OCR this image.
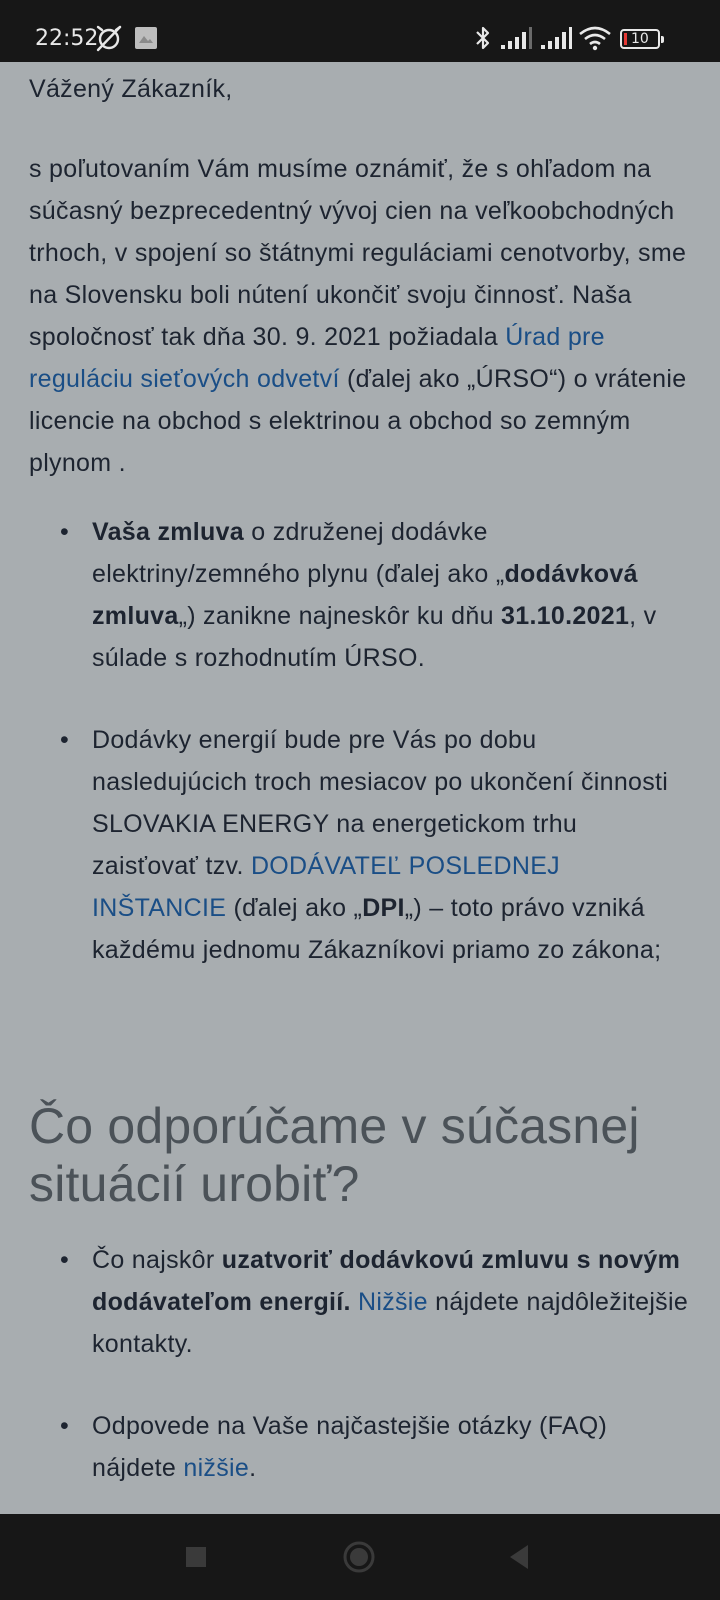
22:52	10

Vážený Zákazník,

s poľutovaním Vám musíme oznámiť, že s ohľadom na súčasný bezprecedentný vývoj cien na veľkoobchodných trhoch, v spojení so štátnymi reguláciami cenotvorby, sme na Slovensku boli nútení ukončiť svoju činnosť. Naša spoločnosť tak dňa 30. 9. 2021 požiadala Úrad pre reguláciu sieťových odvetví (ďalej ako „ÚRSO“) o vrátenie licencie na obchod s elektrinou a obchod so zemným plynom .

• Vaša zmluva o združenej dodávke elektriny/zemného plynu (ďalej ako „dodávková zmluva„) zanikne najneskôr ku dňu 31.10.2021, v súlade s rozhodnutím ÚRSO.
• Dodávky energií bude pre Vás po dobu nasledujúcich troch mesiacov po ukončení činnosti SLOVAKIA ENERGY na energetickom trhu zaisťovať tzv. DODÁVATEĽ POSLEDNEJ INŠTANCIE (ďalej ako „DPI„) – toto právo vzniká každému jednomu Zákazníkovi priamo zo zákona;
Čo odporúčame v súčasnej situácií urobiť?
• Čo najskôr uzatvoriť dodávkovú zmluvu s novým dodávateľom energií. Nižšie nájdete najdôležitejšie kontakty.
• Odpovede na Vaše najčastejšie otázky (FAQ) nájdete nižšie.
